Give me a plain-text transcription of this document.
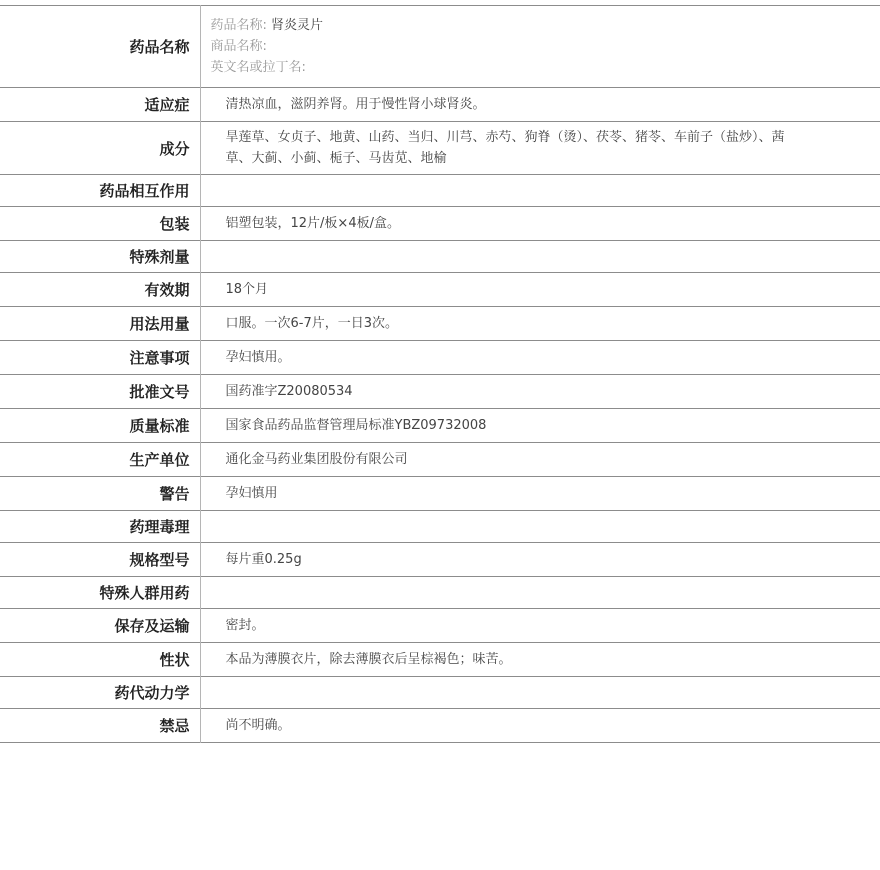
药品名称	药品名称: 肾炎灵片
商品名称:
英文名或拉丁名:

适应症	清热凉血，滋阴养肾。用于慢性肾小球肾炎。
成分	旱莲草、女贞子、地黄、山药、当归、川芎、赤芍、狗脊（烫）、茯苓、猪苓、车前子（盐炒）、茜草、大蓟、小蓟、栀子、马齿苋、地榆
药品相互作用	
包装	铝塑包装，12片/板×4板/盒。
特殊剂量	
有效期	18个月
用法用量	口服。一次6-7片，一日3次。
注意事项	孕妇慎用。
批准文号	国药准字Z20080534
质量标准	国家食品药品监督管理局标准YBZ09732008
生产单位	通化金马药业集团股份有限公司
警告	孕妇慎用
药理毒理	
规格型号	每片重0.25g
特殊人群用药	
保存及运输	密封。
性状	本品为薄膜衣片，除去薄膜衣后呈棕褐色；味苦。
药代动力学	
禁忌	尚不明确。
